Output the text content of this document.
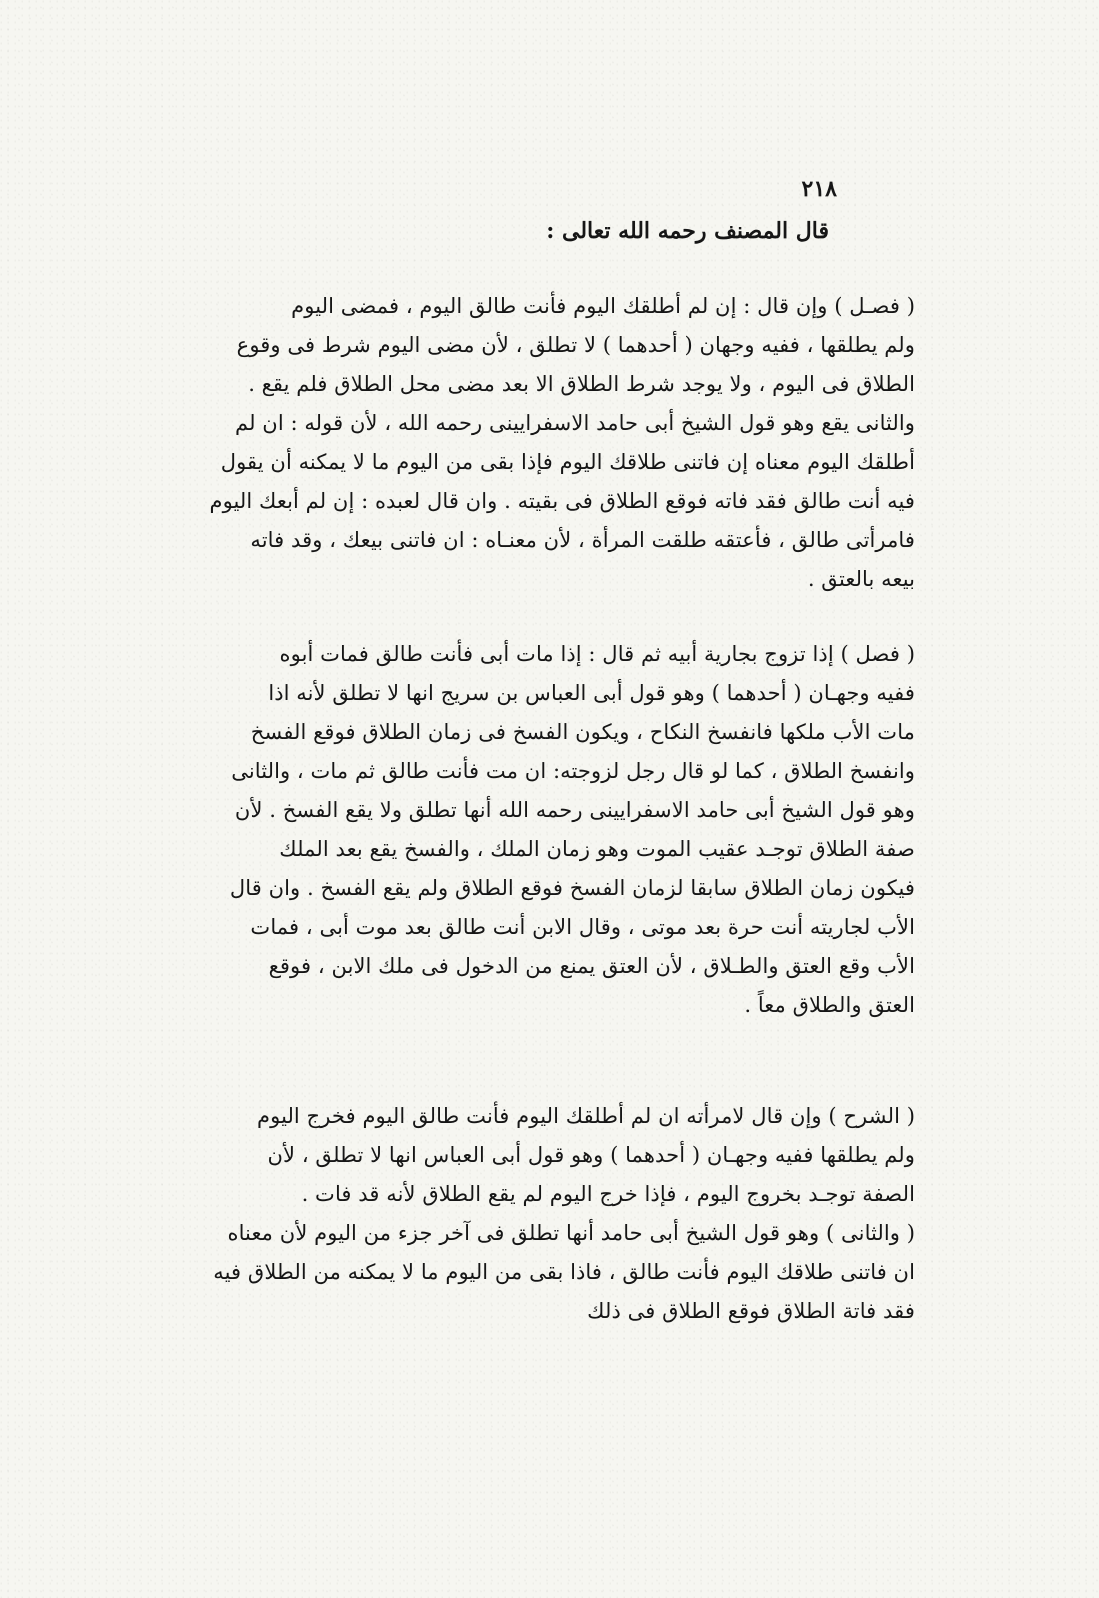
٢١٨
قال المصنف رحمه الله تعالى :
( فصـل ) وإن قال : إن لم أطلقك اليوم فأنت طالق اليوم ، فمضى اليوم
ولم يطلقها ، ففيه وجهان ( أحدهما ) لا تطلق ، لأن مضى اليوم شرط فى وقوع
الطلاق فى اليوم ، ولا يوجد شرط الطلاق الا بعد مضى محل الطلاق فلم يقع .
والثانى يقع وهو قول الشيخ أبى حامد الاسفرايينى رحمه الله ، لأن قوله : ان لم
أطلقك اليوم معناه إن فاتنى طلاقك اليوم فإذا بقى من اليوم ما لا يمكنه أن يقول
فيه أنت طالق فقد فاته فوقع الطلاق فى بقيته . وان قال لعبده : إن لم أبعك اليوم
فامرأتى طالق ، فأعتقه طلقت المرأة ، لأن معنـاه : ان فاتنى بيعك ، وقد فاته
بيعه بالعتق .
( فصل ) إذا تزوج بجارية أبيه ثم قال : إذا مات أبى فأنت طالق فمات أبوه
ففيه وجهـان ( أحدهما ) وهو قول أبى العباس بن سريج انها لا تطلق لأنه اذا
مات الأب ملكها فانفسخ النكاح ، ويكون الفسخ فى زمان الطلاق فوقع الفسخ
وانفسخ الطلاق ، كما لو قال رجل لزوجته: ان مت فأنت طالق ثم مات ، والثانى
وهو قول الشيخ أبى حامد الاسفرايينى رحمه الله أنها تطلق ولا يقع الفسخ . لأن
صفة الطلاق توجـد عقيب الموت وهو زمان الملك ، والفسخ يقع بعد الملك
فيكون زمان الطلاق سابقا لزمان الفسخ فوقع الطلاق ولم يقع الفسخ . وان قال
الأب لجاريته أنت حرة بعد موتى ، وقال الابن أنت طالق بعد موت أبى ، فمات
الأب وقع العتق والطـلاق ، لأن العتق يمنع من الدخول فى ملك الابن ، فوقع
العتق والطلاق معاً .
( الشرح ) وإن قال لامرأته ان لم أطلقك اليوم فأنت طالق اليوم فخرج اليوم
ولم يطلقها ففيه وجهـان ( أحدهما ) وهو قول أبى العباس انها لا تطلق ، لأن
الصفة توجـد بخروج اليوم ، فإذا خرج اليوم لم يقع الطلاق لأنه قد فات .
( والثانى ) وهو قول الشيخ أبى حامد أنها تطلق فى آخر جزء من اليوم لأن معناه
ان فاتنى طلاقك اليوم فأنت طالق ، فاذا بقى من اليوم ما لا يمكنه من الطلاق فيه
فقد فاتة الطلاق فوقع الطلاق فى ذلك
